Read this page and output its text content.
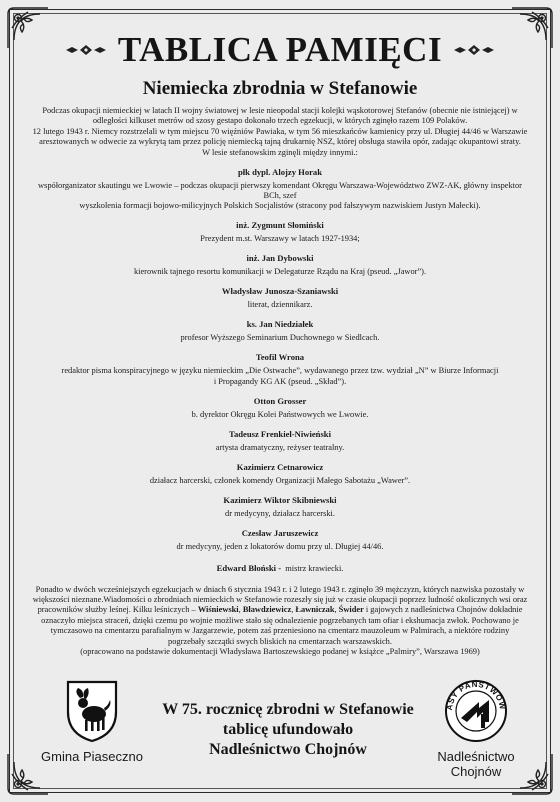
TABLICA PAMIĘCI
Niemiecka zbrodnia w Stefanowie

Podczas okupacji niemieckiej w latach II wojny światowej w lesie nieopodal stacji kolejki wąskotorowej Stefanów (obecnie nie istniejącej) w

odległości kilkuset metrów od szosy gestapo dokonało trzech egzekucji, w których zginęło razem 109 Polaków.

12 lutego 1943 r. Niemcy rozstrzelali w tym miejscu 70 więźniów Pawiaka, w tym 56 mieszkańców kamienicy przy ul. Długiej 44/46 w Warszawie

aresztowanych w odwecie za wykrytą tam przez policję niemiecką tajną drukarnię NSZ, której obsługa stawiła opór, zadając okupantowi straty.

W lesie stefanowskim zginęli między innymi.:

płk dypl. Alojzy Horak

współorganizator skautingu we Lwowie – podczas okupacji pierwszy komendant Okręgu Warszawa-Województwo ZWZ-AK, główny inspektor BCh, szef

wyszkolenia formacji bojowo-milicyjnych Polskich Socjalistów (stracony pod fałszywym nazwiskiem Justyn Małecki).

inż. Zygmunt Słomiński
Prezydent m.st. Warszawy w latach 1927-1934;
inż. Jan Dybowski
kierownik tajnego resortu komunikacji w Delegaturze Rządu na Kraj (pseud. „Jawor”).
Władysław Junosza-Szaniawski
literat, dziennikarz.
ks. Jan Niedziałek
profesor Wyższego Seminarium Duchownego w Siedlcach.
Teofil Wrona

redaktor pisma konspiracyjnego w języku niemieckim „Die Ostwache”, wydawanego przez tzw. wydział „N” w Biurze Informacji

i Propagandy KG AK (pseud. „Skład”).

Otton Grosser
b. dyrektor Okręgu Kolei Państwowych we Lwowie.
Tadeusz Frenkiel-Niwieński
artysta dramatyczny, reżyser teatralny.
Kazimierz Cetnarowicz
działacz harcerski, członek komendy Organizacji Małego Sabotażu „Wawer”.
Kazimierz Wiktor Skibniewski
dr medycyny, działacz harcerski.
Czesław Jaruszewicz
dr medycyny, jeden z lokatorów domu przy ul. Długiej 44/46.
Edward Błoński - mistrz krawiecki.

Ponadto w dwóch wcześniejszych egzekucjach w dniach 6 stycznia 1943 r. i 2 lutego 1943 r. zginęło 39 mężczyzn, których nazwiska pozostały w

większości nieznane.Wiadomości o zbrodniach niemieckich w Stefanowie rozeszły się już w czasie okupacji poprzez ludność okolicznych wsi oraz

pracowników służby leśnej. Kilku leśniczych – Wiśniewski, Bławdziewicz, Ławniczak, Świder i gajowych z nadleśnictwa Chojnów dokładnie

oznaczyło miejsca straceń, dzięki czemu po wojnie możliwe stało się odnalezienie pogrzebanych tam ofiar i ekshumacja zwłok. Pochowano je

tymczasowo na cmentarzu parafialnym w Jazgarzewie, potem zaś przeniesiono na cmentarz mauzoleum w Palmirach, a niektóre rodziny

pogrzebały szczątki swych bliskich na cmentarzach warszawskich.

(opracowano na podstawie dokumentacji Władysława Bartoszewskiego podanej w książce „Palmiry”, Warszawa 1969)

Gmina Piaseczno
W 75. rocznicę zbrodni w Stefanowie
tablicę ufundowało
Nadleśnictwo Chojnów
ASY PAŃSTWOW
Nadleśnictwo
Chojnów
